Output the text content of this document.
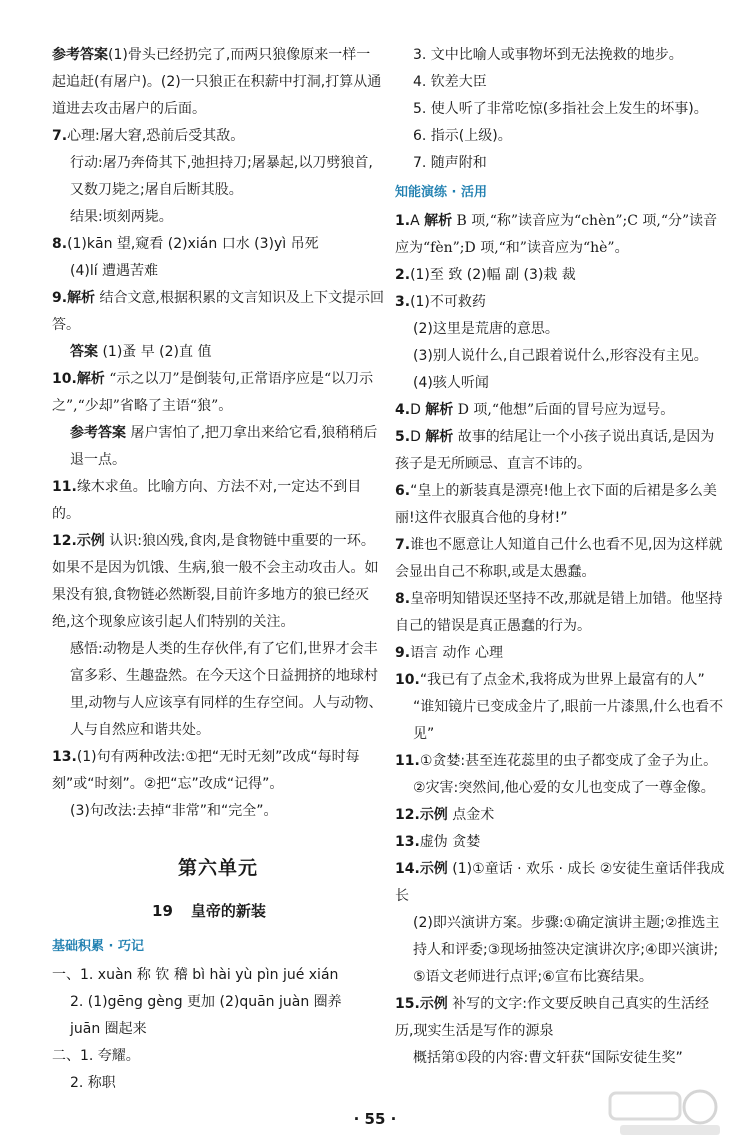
参考答案(1)骨头已经扔完了,而两只狼像原来一样一起追赶(有屠户)。(2)一只狼正在积薪中打洞,打算从通道进去攻击屠户的后面。

7.心理:屠大窘,恐前后受其敌。

行动:屠乃奔倚其下,弛担持刀;屠暴起,以刀劈狼首,又数刀毙之;屠自后断其股。

结果:顷刻两毙。

8.(1)kān 望,窥看 (2)xián 口水 (3)yì 吊死

(4)lí 遭遇苦难

9.解析 结合文意,根据积累的文言知识及上下文提示回答。

答案 (1)蚤 早 (2)直 值

10.解析 “示之以刀”是倒装句,正常语序应是“以刀示之”,“少却”省略了主语“狼”。

参考答案 屠户害怕了,把刀拿出来给它看,狼稍稍后退一点。

11.缘木求鱼。比喻方向、方法不对,一定达不到目的。

12.示例 认识:狼凶残,食肉,是食物链中重要的一环。如果不是因为饥饿、生病,狼一般不会主动攻击人。如果没有狼,食物链必然断裂,目前许多地方的狼已经灭绝,这个现象应该引起人们特别的关注。

感悟:动物是人类的生存伙伴,有了它们,世界才会丰富多彩、生趣盎然。在今天这个日益拥挤的地球村里,动物与人应该享有同样的生存空间。人与动物、人与自然应和谐共处。

13.(1)句有两种改法:①把“无时无刻”改成“每时每刻”或“时刻”。②把“忘”改成“记得”。

(3)句改法:去掉“非常”和“完全”。

第六单元
19 皇帝的新装
基础积累 · 巧记

一、1. xuàn 称 钦 稽 bì hài yù pìn jué xián

2. (1)gēng gèng 更加 (2)quān juàn 圈养

juān 圈起来

二、1. 夸耀。

2. 称职

3. 文中比喻人或事物坏到无法挽救的地步。

4. 钦差大臣

5. 使人听了非常吃惊(多指社会上发生的坏事)。

6. 指示(上级)。

7. 随声附和

知能演练 · 活用

1.A 解析 B 项,“称”读音应为“chèn”;C 项,“分”读音应为“fèn”;D 项,“和”读音应为“hè”。

2.(1)至 致 (2)幅 副 (3)栽 裁

3.(1)不可救药

(2)这里是荒唐的意思。

(3)别人说什么,自己跟着说什么,形容没有主见。

(4)骇人听闻

4.D 解析 D 项,“他想”后面的冒号应为逗号。

5.D 解析 故事的结尾让一个小孩子说出真话,是因为孩子是无所顾忌、直言不讳的。

6.“皇上的新装真是漂亮!他上衣下面的后裙是多么美丽!这件衣服真合他的身材!”

7.谁也不愿意让人知道自己什么也看不见,因为这样就会显出自己不称职,或是太愚蠢。

8.皇帝明知错误还坚持不改,那就是错上加错。他坚持自己的错误是真正愚蠢的行为。

9.语言 动作 心理

10.“我已有了点金术,我将成为世界上最富有的人”

“谁知镜片已变成金片了,眼前一片漆黑,什么也看不见”

11.①贪婪:甚至连花蕊里的虫子都变成了金子为止。

②灾害:突然间,他心爱的女儿也变成了一尊金像。

12.示例 点金术

13.虚伪 贪婪

14.示例 (1)①童话 · 欢乐 · 成长 ②安徒生童话伴我成长

(2)即兴演讲方案。步骤:①确定演讲主题;②推选主持人和评委;③现场抽签决定演讲次序;④即兴演讲;⑤语文老师进行点评;⑥宣布比赛结果。

15.示例 补写的文字:作文要反映自己真实的生活经历,现实生活是写作的源泉

概括第①段的内容:曹文轩获“国际安徒生奖”

· 55 ·
